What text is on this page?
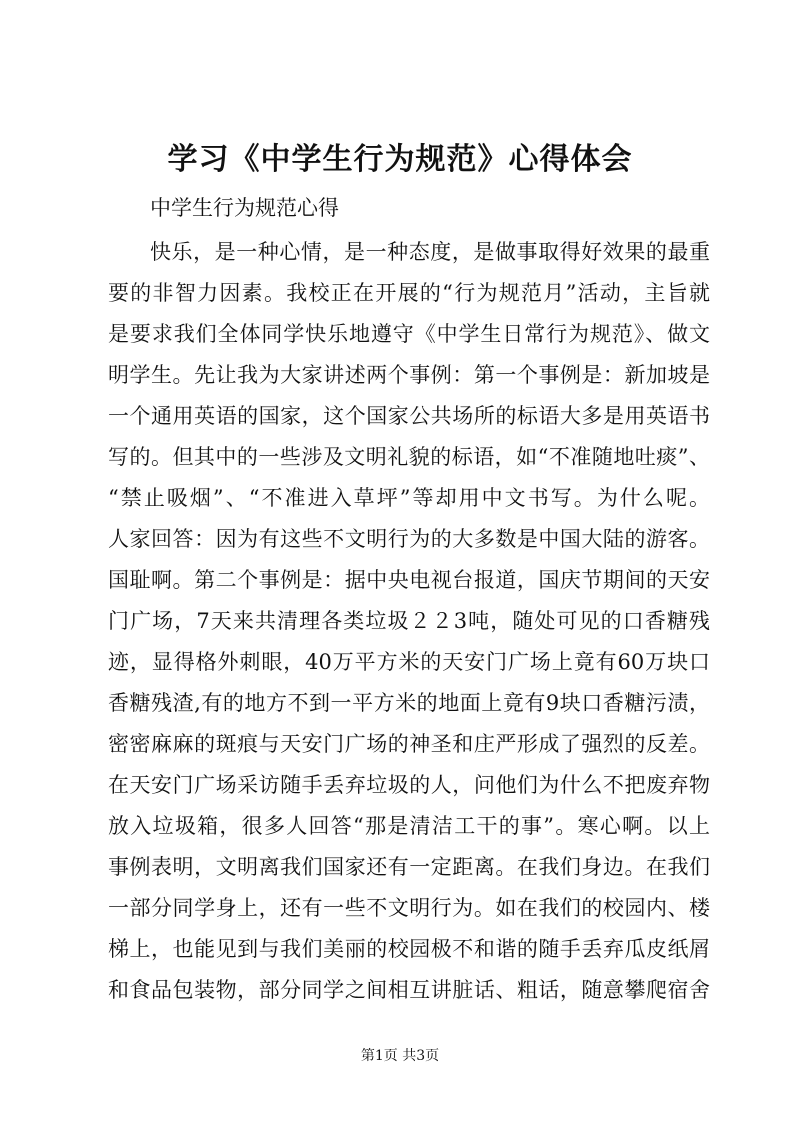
学习《中学生行为规范》心得体会
中学生行为规范心得
快乐，是一种心情，是一种态度，是做事取得好效果的最重
要的非智力因素。我校正在开展的“行为规范月”活动，主旨就
是要求我们全体同学快乐地遵守《中学生日常行为规范》、做文
明学生。先让我为大家讲述两个事例：第一个事例是：新加坡是
一个通用英语的国家，这个国家公共场所的标语大多是用英语书
写的。但其中的一些涉及文明礼貌的标语，如“不准随地吐痰”、
“禁止吸烟”、“不准进入草坪”等却用中文书写。为什么呢。
人家回答：因为有这些不文明行为的大多数是中国大陆的游客。
国耻啊。第二个事例是：据中央电视台报道，国庆节期间的天安
门广场，7天来共清理各类垃圾２２3吨，随处可见的口香糖残
迹，显得格外刺眼，40万平方米的天安门广场上竟有60万块口
香糖残渣,有的地方不到一平方米的地面上竟有9块口香糖污渍，
密密麻麻的斑痕与天安门广场的神圣和庄严形成了强烈的反差。
在天安门广场采访随手丢弃垃圾的人，问他们为什么不把废弃物
放入垃圾箱，很多人回答“那是清洁工干的事”。寒心啊。以上
事例表明，文明离我们国家还有一定距离。在我们身边。在我们
一部分同学身上，还有一些不文明行为。如在我们的校园内、楼
梯上，也能见到与我们美丽的校园极不和谐的随手丢弃瓜皮纸屑
和食品包装物，部分同学之间相互讲脏话、粗话，随意攀爬宿舍
第1页 共3页
